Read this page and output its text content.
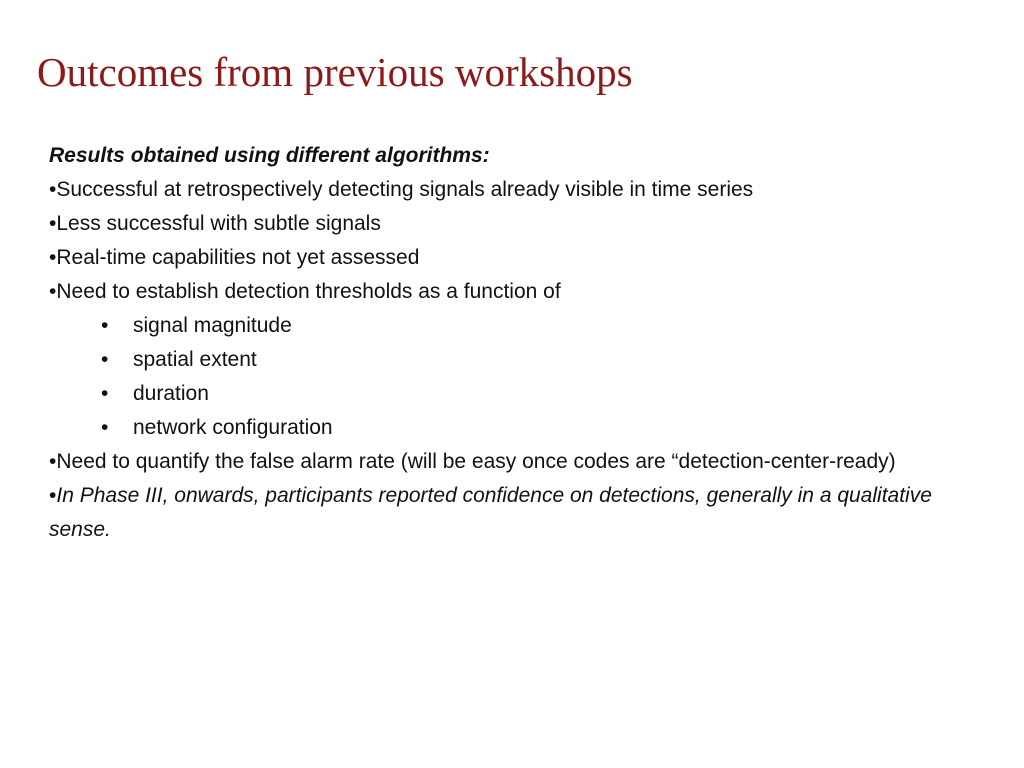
Outcomes from previous workshops
Results obtained using different algorithms:
•Successful at retrospectively detecting signals already visible in time series
•Less successful with subtle signals
•Real-time capabilities not yet assessed
•Need to establish detection thresholds as a function of
• signal magnitude
• spatial extent
• duration
• network configuration
•Need to quantify the false alarm rate (will be easy once codes are “detection-center-ready)
•In Phase III, onwards, participants reported confidence on detections, generally in a qualitative sense.
